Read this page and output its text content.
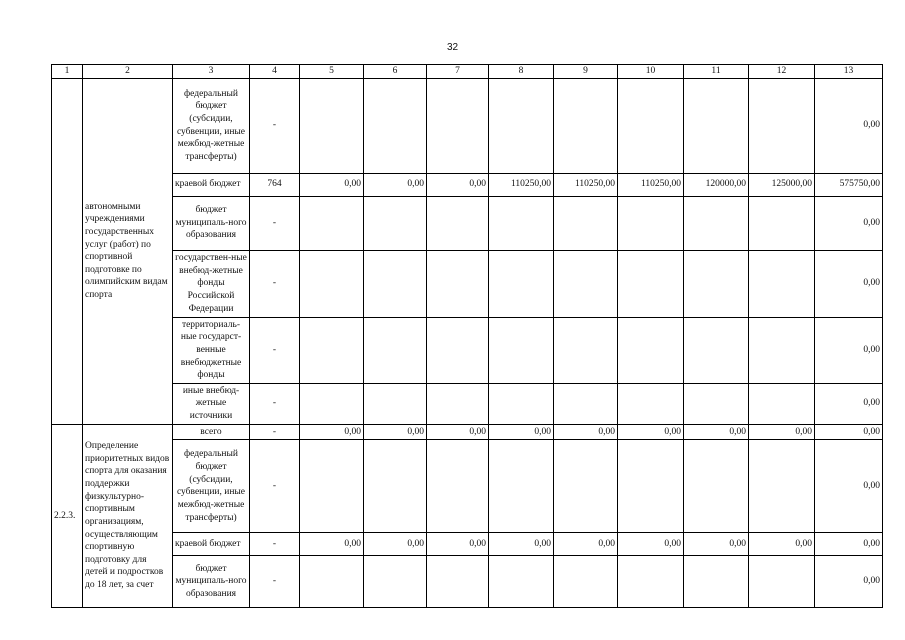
32
1	2	3	4	5	6	7	8	9	10	11	12	13
	автономными учреждениями государственных услуг (работ) по спортивной подготовке по олимпийским видам спорта	федеральный бюджет (субсидии, субвенции, иные межбюд-жетные трансферты)	-									0,00
		краевой бюджет	764	0,00	0,00	0,00	110250,00	110250,00	110250,00	120000,00	125000,00	575750,00
		бюджет муниципаль-ного образования	-									0,00
		государствен-ные внебюд-жетные фонды Российской Федерации	-									0,00
		территориаль-ные государст-венные внебюджетные фонды	-									0,00
		иные внебюд-жетные источники	-									0,00
2.2.3.	Определение приоритетных видов спорта для оказания поддержки физкультурно-спортивным организациям, осуществляющим спортивную подготовку для детей и подростков до 18 лет, за счет	всего	-	0,00	0,00	0,00	0,00	0,00	0,00	0,00	0,00	0,00
		федеральный бюджет (субсидии, субвенции, иные межбюд-жетные трансферты)	-									0,00
		краевой бюджет	-	0,00	0,00	0,00	0,00	0,00	0,00	0,00	0,00	0,00
		бюджет муниципаль-ного образования	-									0,00
